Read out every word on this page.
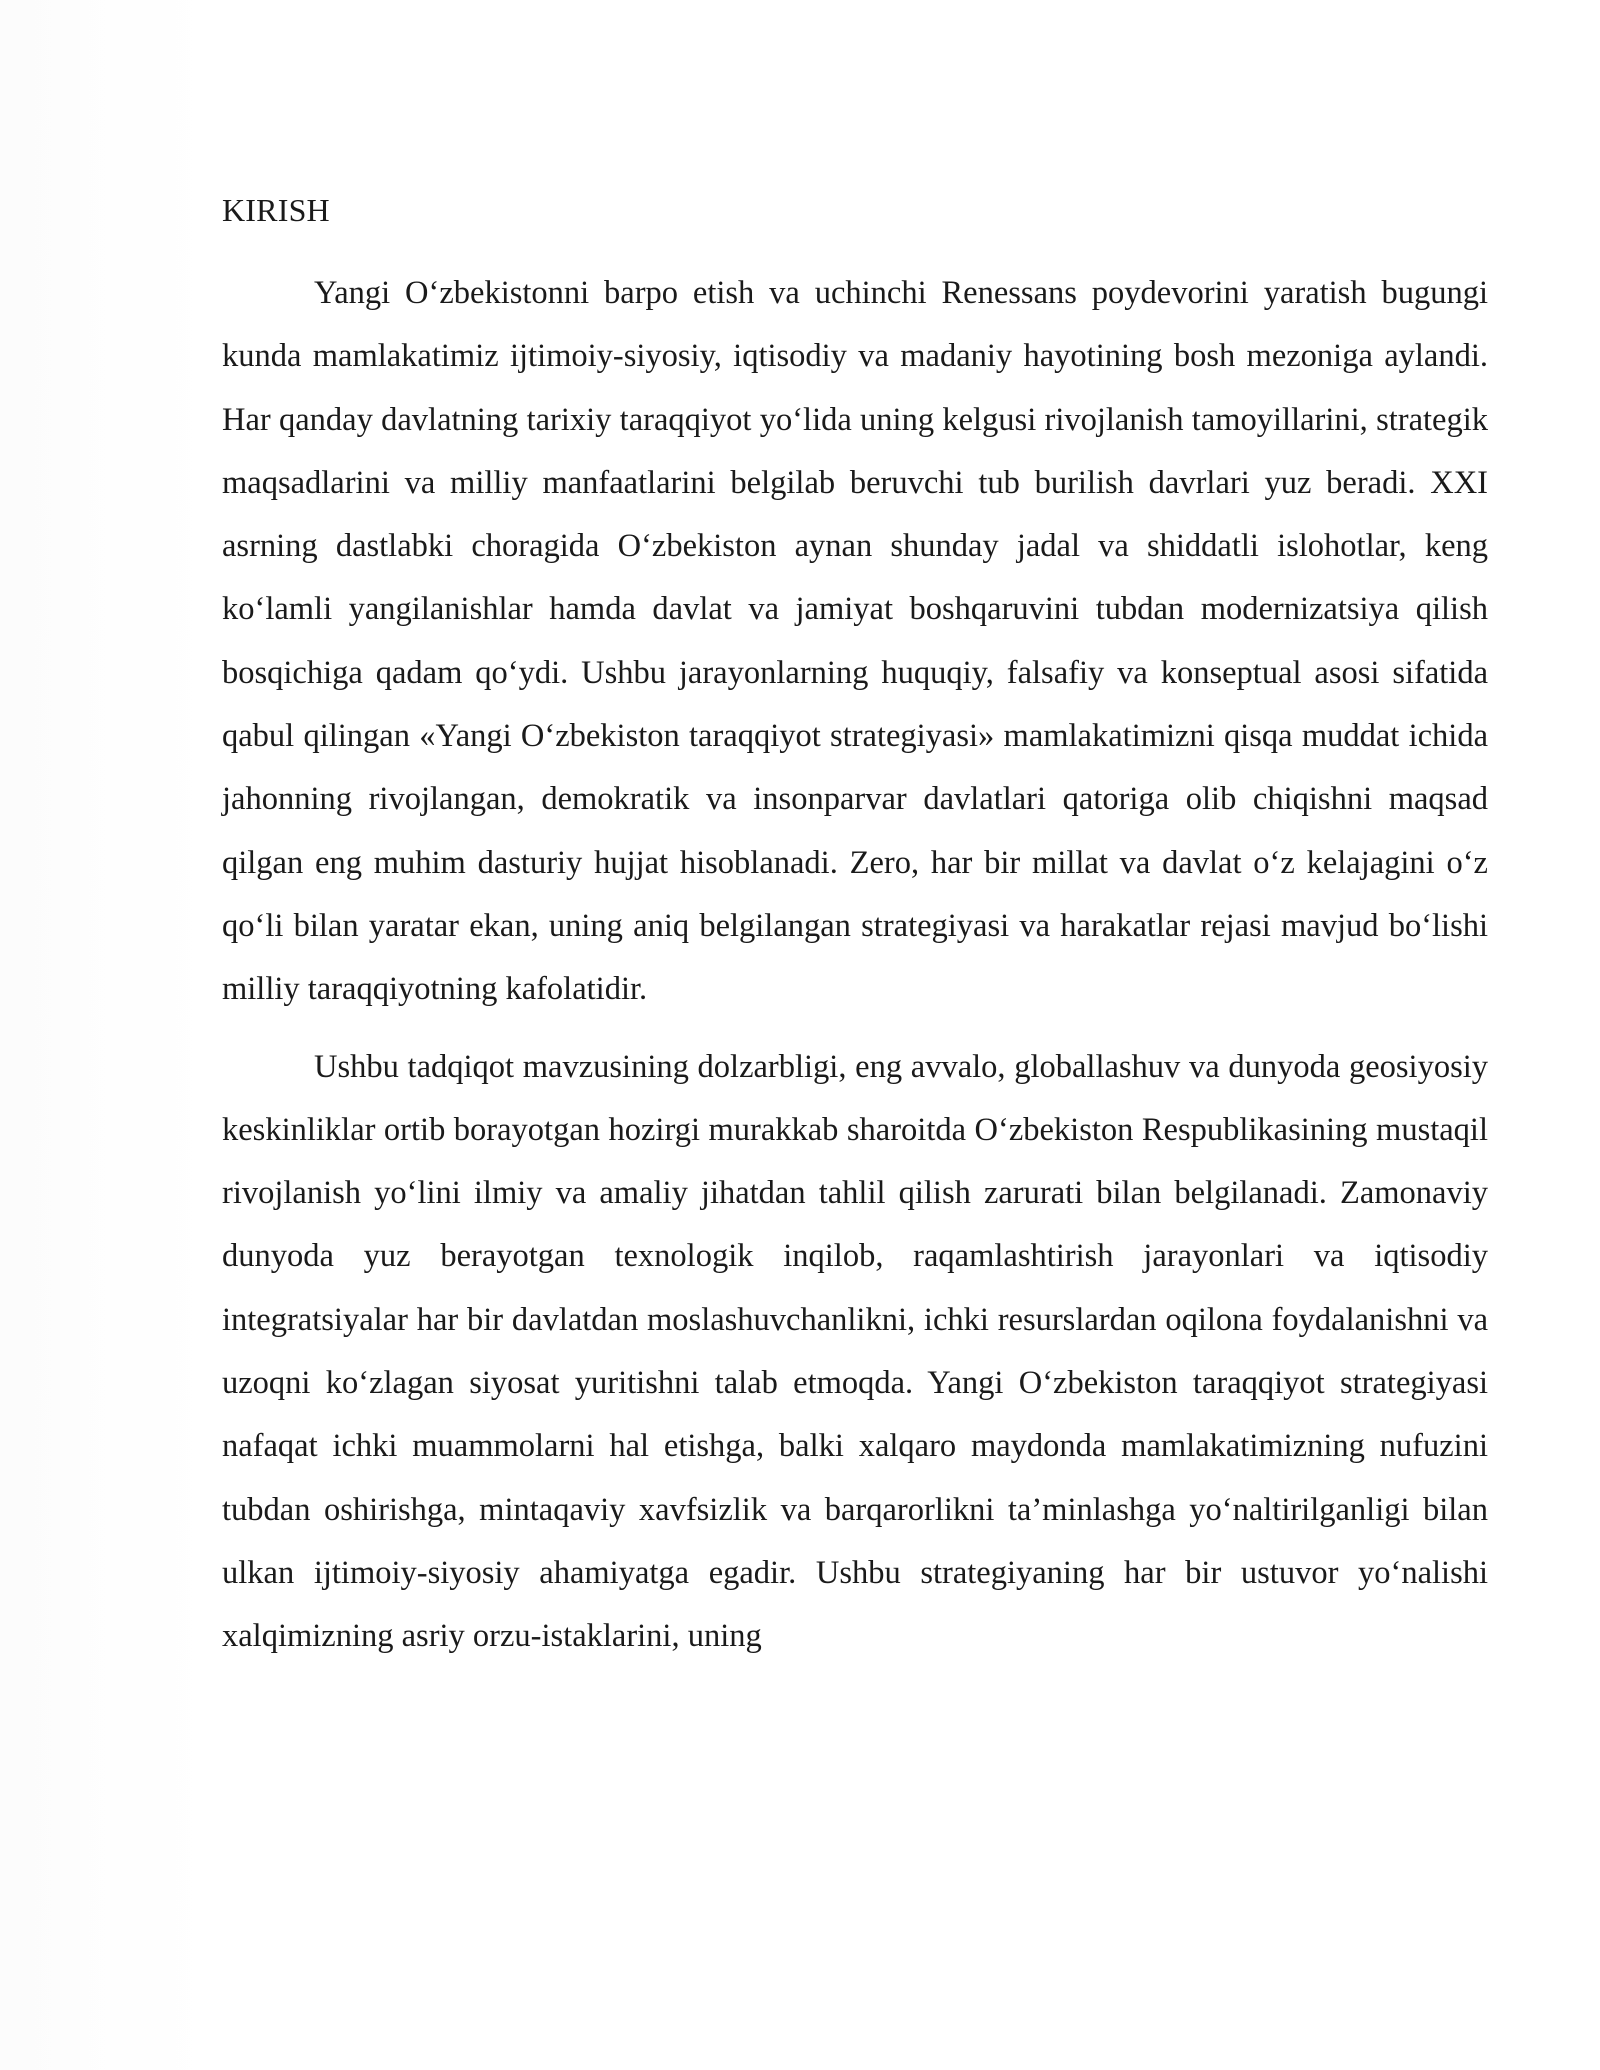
KIRISH

Yangi O‘zbekistonni barpo etish va uchinchi Renessans poydevorini yaratish bugungi kunda mamlakatimiz ijtimoiy-siyosiy, iqtisodiy va madaniy hayotining bosh mezoniga aylandi. Har qanday davlatning tarixiy taraqqiyot yo‘lida uning kelgusi rivojlanish tamoyillarini, strategik maqsadlarini va milliy manfaatlarini belgilab beruvchi tub burilish davrlari yuz beradi. XXI asrning dastlabki choragida O‘zbekiston aynan shunday jadal va shiddatli islohotlar, keng ko‘lamli yangilanishlar hamda davlat va jamiyat boshqaruvini tubdan modernizatsiya qilish bosqichiga qadam qo‘ydi. Ushbu jarayonlarning huquqiy, falsafiy va konseptual asosi sifatida qabul qilingan «Yangi O‘zbekiston taraqqiyot strategiyasi» mamlakatimizni qisqa muddat ichida jahonning rivojlangan, demokratik va insonparvar davlatlari qatoriga olib chiqishni maqsad qilgan eng muhim dasturiy hujjat hisoblanadi. Zero, har bir millat va davlat o‘z kelajagini o‘z qo‘li bilan yaratar ekan, uning aniq belgilangan strategiyasi va harakatlar rejasi mavjud bo‘lishi milliy taraqqiyotning kafolatidir.

Ushbu tadqiqot mavzusining dolzarbligi, eng avvalo, globallashuv va dunyoda geosiyosiy keskinliklar ortib borayotgan hozirgi murakkab sharoitda O‘zbekiston Respublikasining mustaqil rivojlanish yo‘lini ilmiy va amaliy jihatdan tahlil qilish zarurati bilan belgilanadi. Zamonaviy dunyoda yuz berayotgan texnologik inqilob, raqamlashtirish jarayonlari va iqtisodiy integratsiyalar har bir davlatdan moslashuvchanlikni, ichki resurslardan oqilona foydalanishni va uzoqni ko‘zlagan siyosat yuritishni talab etmoqda. Yangi O‘zbekiston taraqqiyot strategiyasi nafaqat ichki muammolarni hal etishga, balki xalqaro maydonda mamlakatimizning nufuzini tubdan oshirishga, mintaqaviy xavfsizlik va barqarorlikni ta’minlashga yo‘naltirilganligi bilan ulkan ijtimoiy-siyosiy ahamiyatga egadir. Ushbu strategiyaning har bir ustuvor yo‘nalishi xalqimizning asriy orzu-istaklarini, uning
